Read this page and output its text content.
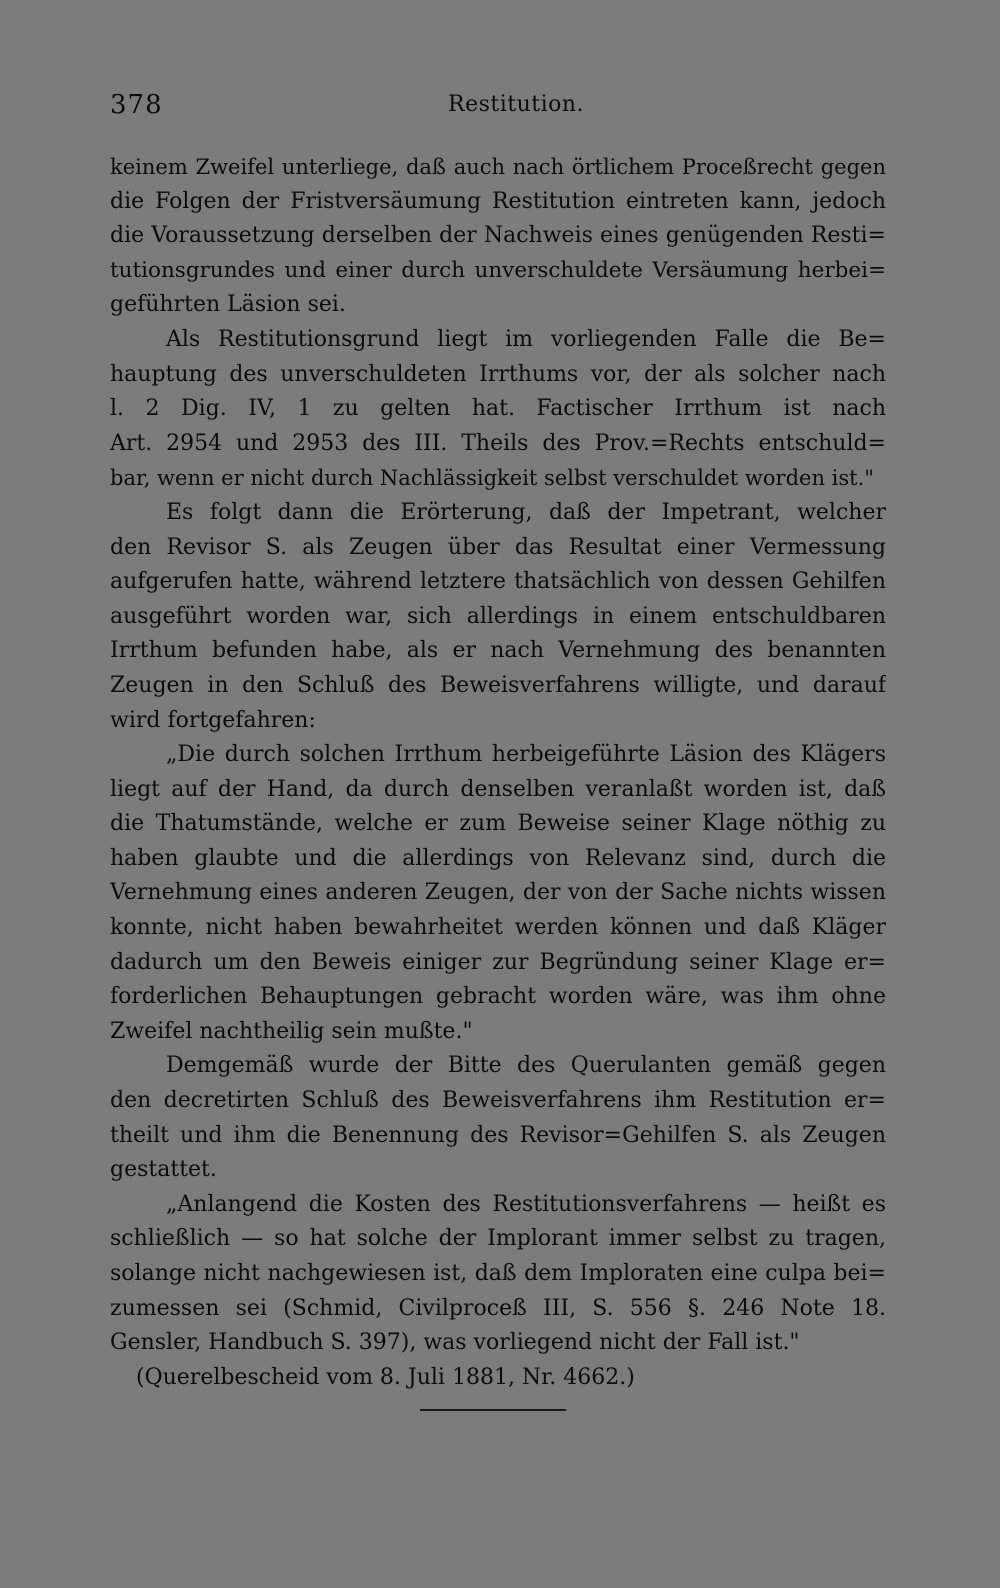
378	Restitution.
keinem Zweifel unterliege, daß auch nach örtlichem Proceßrecht gegen
die Folgen der Fristversäumung Restitution eintreten kann, jedoch
die Voraussetzung derselben der Nachweis eines genügenden Resti=
tutionsgrundes und einer durch unverschuldete Versäumung herbei=
geführten Läsion sei.
Als Restitutionsgrund liegt im vorliegenden Falle die Be=
hauptung des unverschuldeten Irrthums vor, der als solcher nach
l. 2 Dig. IV, 1 zu gelten hat. Factischer Irrthum ist nach
Art. 2954 und 2953 des III. Theils des Prov.=Rechts entschuld=
bar, wenn er nicht durch Nachlässigkeit selbst verschuldet worden ist."
Es folgt dann die Erörterung, daß der Impetrant, welcher
den Revisor S. als Zeugen über das Resultat einer Vermessung
aufgerufen hatte, während letztere thatsächlich von dessen Gehilfen
ausgeführt worden war, sich allerdings in einem entschuldbaren
Irrthum befunden habe, als er nach Vernehmung des benannten
Zeugen in den Schluß des Beweisverfahrens willigte, und darauf
wird fortgefahren:
„Die durch solchen Irrthum herbeigeführte Läsion des Klägers
liegt auf der Hand, da durch denselben veranlaßt worden ist, daß
die Thatumstände, welche er zum Beweise seiner Klage nöthig zu
haben glaubte und die allerdings von Relevanz sind, durch die
Vernehmung eines anderen Zeugen, der von der Sache nichts wissen
konnte, nicht haben bewahrheitet werden können und daß Kläger
dadurch um den Beweis einiger zur Begründung seiner Klage er=
forderlichen Behauptungen gebracht worden wäre, was ihm ohne
Zweifel nachtheilig sein mußte."
Demgemäß wurde der Bitte des Querulanten gemäß gegen
den decretirten Schluß des Beweisverfahrens ihm Restitution er=
theilt und ihm die Benennung des Revisor=Gehilfen S. als Zeugen
gestattet.
„Anlangend die Kosten des Restitutionsverfahrens — heißt es
schließlich — so hat solche der Implorant immer selbst zu tragen,
solange nicht nachgewiesen ist, daß dem Imploraten eine culpa bei=
zumessen sei (Schmid, Civilproceß III, S. 556 §. 246 Note 18.
Gensler, Handbuch S. 397), was vorliegend nicht der Fall ist."
(Querelbescheid vom 8. Juli 1881, Nr. 4662.)
